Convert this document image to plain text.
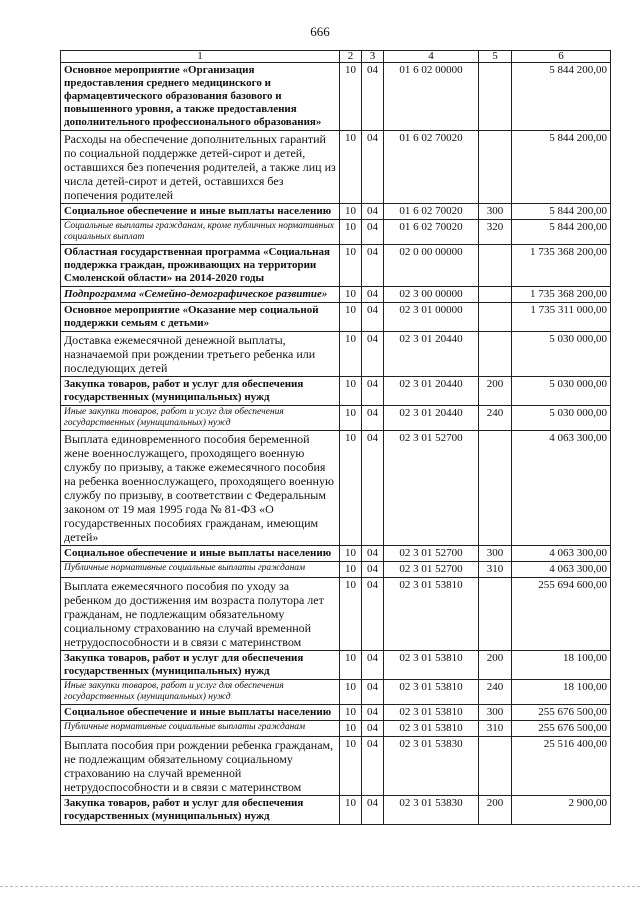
666
1	2	3	4	5	6
Основное мероприятие «Организация предоставления среднего медицинского и фармацевтического образования базового и повышенного уровня, а также предоставления дополнительного профессионального образования»	10	04	01 6 02 00000		5 844 200,00
Расходы на обеспечение дополнительных гарантий по социальной поддержке детей-сирот и детей, оставшихся без попечения родителей, а также лиц из числа детей-сирот и детей, оставшихся без попечения родителей	10	04	01 6 02 70020		5 844 200,00
Социальное обеспечение и иные выплаты населению	10	04	01 6 02 70020	300	5 844 200,00
Социальные выплаты гражданам, кроме публичных нормативных социальных выплат	10	04	01 6 02 70020	320	5 844 200,00
Областная государственная программа «Социальная поддержка граждан, проживающих на территории Смоленской области» на 2014-2020 годы	10	04	02 0 00 00000		1 735 368 200,00
Подпрограмма «Семейно-демографическое развитие»	10	04	02 3 00 00000		1 735 368 200,00
Основное мероприятие «Оказание мер социальной поддержки семьям с детьми»	10	04	02 3 01 00000		1 735 311 000,00
Доставка ежемесячной денежной выплаты, назначаемой при рождении третьего ребенка или последующих детей	10	04	02 3 01 20440		5 030 000,00
Закупка товаров, работ и услуг для обеспечения государственных (муниципальных) нужд	10	04	02 3 01 20440	200	5 030 000,00
Иные закупки товаров, работ и услуг для обеспечения государственных (муниципальных) нужд	10	04	02 3 01 20440	240	5 030 000,00
Выплата единовременного пособия беременной жене военнослужащего, проходящего военную службу по призыву, а также ежемесячного пособия на ребенка военнослужащего, проходящего военную службу по призыву, в соответствии с Федеральным законом от 19 мая 1995 года № 81-ФЗ «О государственных пособиях гражданам, имеющим детей»	10	04	02 3 01 52700		4 063 300,00
Социальное обеспечение и иные выплаты населению	10	04	02 3 01 52700	300	4 063 300,00
Публичные нормативные социальные выплаты гражданам	10	04	02 3 01 52700	310	4 063 300,00
Выплата ежемесячного пособия по уходу за ребенком до достижения им возраста полутора лет гражданам, не подлежащим обязательному социальному страхованию на случай временной нетрудоспособности и в связи с материнством	10	04	02 3 01 53810		255 694 600,00
Закупка товаров, работ и услуг для обеспечения государственных (муниципальных) нужд	10	04	02 3 01 53810	200	18 100,00
Иные закупки товаров, работ и услуг для обеспечения государственных (муниципальных) нужд	10	04	02 3 01 53810	240	18 100,00
Социальное обеспечение и иные выплаты населению	10	04	02 3 01 53810	300	255 676 500,00
Публичные нормативные социальные выплаты гражданам	10	04	02 3 01 53810	310	255 676 500,00
Выплата пособия при рождении ребенка гражданам, не подлежащим обязательному социальному страхованию на случай временной нетрудоспособности и в связи с материнством	10	04	02 3 01 53830		25 516 400,00
Закупка товаров, работ и услуг для обеспечения государственных (муниципальных) нужд	10	04	02 3 01 53830	200	2 900,00
